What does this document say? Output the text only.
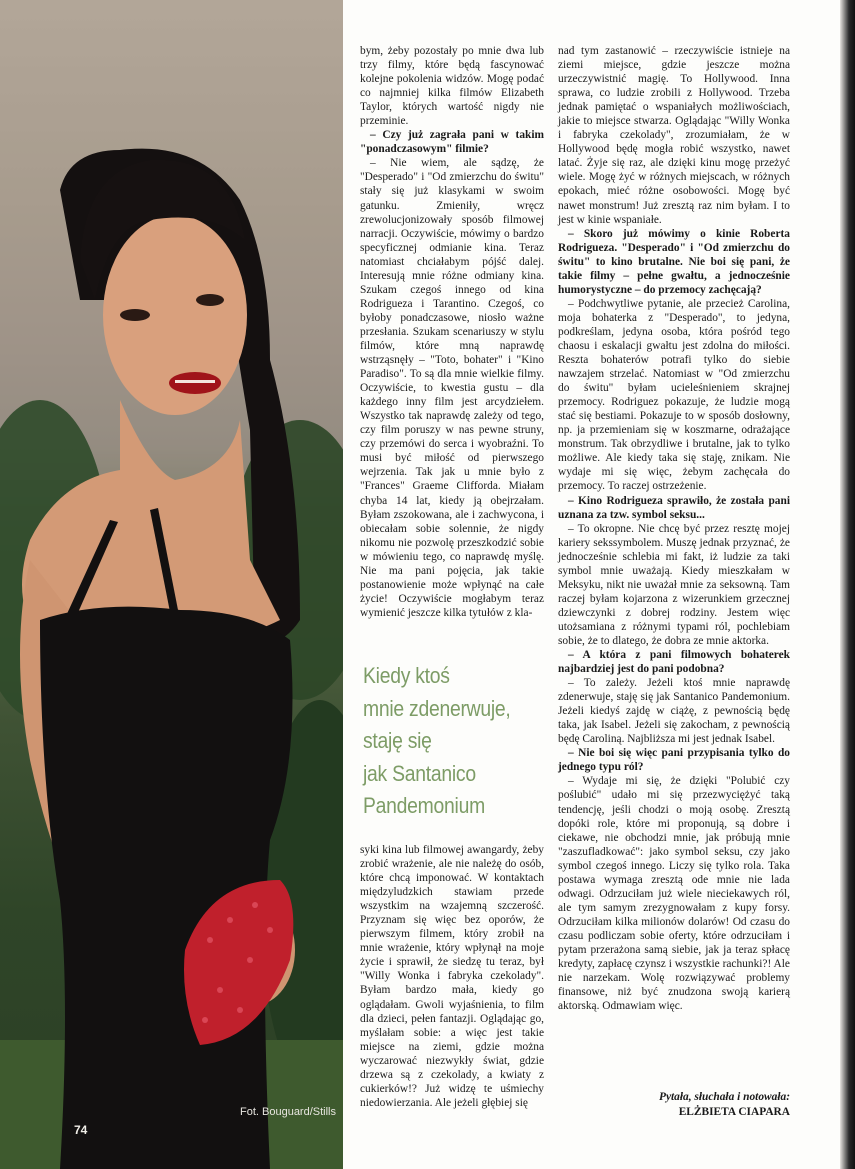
Fot. Bouguard/Stills
74

bym, żeby pozostały po mnie dwa lub trzy filmy, które będą fascynować kolejne pokolenia widzów. Mogę podać co najmniej kilka filmów Elizabeth Taylor, których wartość nigdy nie przeminie.

– Czy już zagrała pani w takim "ponadczasowym" filmie?

– Nie wiem, ale sądzę, że "Desperado" i "Od zmierzchu do świtu" stały się już klasykami w swoim gatunku. Zmieniły, wręcz zrewolucjonizowały sposób filmowej narracji. Oczywiście, mówimy o bardzo specyficznej odmianie kina. Teraz natomiast chciałabym pójść dalej. Interesują mnie różne odmiany kina. Szukam czegoś innego od kina Rodrigueza i Tarantino. Czegoś, co byłoby ponadczasowe, niosło ważne przesłania. Szukam scenariuszy w stylu filmów, które mną naprawdę wstrząsnęły – "Toto, bohater" i "Kino Paradiso". To są dla mnie wielkie filmy. Oczywiście, to kwestia gustu – dla każdego inny film jest arcydziełem. Wszystko tak naprawdę zależy od tego, czy film poruszy w nas pewne struny, czy przemówi do serca i wyobraźni. To musi być miłość od pierwszego wejrzenia. Tak jak u mnie było z "Frances" Graeme Clifforda. Miałam chyba 14 lat, kiedy ją obejrzałam. Byłam zszokowana, ale i zachwycona, i obiecałam sobie solennie, że nigdy nikomu nie pozwolę przeszkodzić sobie w mówieniu tego, co naprawdę myślę. Nie ma pani pojęcia, jak takie postanowienie może wpłynąć na całe życie! Oczywiście mogłabym teraz wymienić jeszcze kilka tytułów z kla-

Kiedy ktoś
mnie zdenerwuje,
staję się
jak Santanico
Pandemonium

syki kina lub filmowej awangardy, żeby zrobić wrażenie, ale nie należę do osób, które chcą imponować. W kontaktach międzyludzkich stawiam przede wszystkim na wzajemną szczerość. Przyznam się więc bez oporów, że pierwszym filmem, który zrobił na mnie wrażenie, który wpłynął na moje życie i sprawił, że siedzę tu teraz, był "Willy Wonka i fabryka czekolady". Byłam bardzo mała, kiedy go oglądałam. Gwoli wyjaśnienia, to film dla dzieci, pełen fantazji. Oglądając go, myślałam sobie: a więc jest takie miejsce na ziemi, gdzie można wyczarować niezwykły świat, gdzie drzewa są z czekolady, a kwiaty z cukierków!? Już widzę te uśmiechy niedowierzania. Ale jeżeli głębiej się

nad tym zastanowić – rzeczywiście istnieje na ziemi miejsce, gdzie jeszcze można urzeczywistnić magię. To Hollywood. Inna sprawa, co ludzie zrobili z Hollywood. Trzeba jednak pamiętać o wspaniałych możliwościach, jakie to miejsce stwarza. Oglądając "Willy Wonka i fabryka czekolady", zrozumiałam, że w Hollywood będę mogła robić wszystko, nawet latać. Żyje się raz, ale dzięki kinu mogę przeżyć wiele. Mogę żyć w różnych miejscach, w różnych epokach, mieć różne osobowości. Mogę być nawet monstrum! Już zresztą raz nim byłam. I to jest w kinie wspaniałe.

– Skoro już mówimy o kinie Roberta Rodrigueza. "Desperado" i "Od zmierzchu do świtu" to kino brutalne. Nie boi się pani, że takie filmy – pełne gwałtu, a jednocześnie humorystyczne – do przemocy zachęcają?

– Podchwytliwe pytanie, ale przecież Carolina, moja bohaterka z "Desperado", to jedyna, podkreślam, jedyna osoba, która pośród tego chaosu i eskalacji gwałtu jest zdolna do miłości. Reszta bohaterów potrafi tylko do siebie nawzajem strzelać. Natomiast w "Od zmierzchu do świtu" byłam ucieleśnieniem skrajnej przemocy. Rodriguez pokazuje, że ludzie mogą stać się bestiami. Pokazuje to w sposób dosłowny, np. ja przemieniam się w koszmarne, odrażające monstrum. Tak obrzydliwe i brutalne, jak to tylko możliwe. Ale kiedy taka się staję, znikam. Nie wydaje mi się więc, żebym zachęcała do przemocy. To raczej ostrzeżenie.

– Kino Rodrigueza sprawiło, że została pani uznana za tzw. symbol seksu...

– To okropne. Nie chcę być przez resztę mojej kariery sekssymbolem. Muszę jednak przyznać, że jednocześnie schlebia mi fakt, iż ludzie za taki symbol mnie uważają. Kiedy mieszkałam w Meksyku, nikt nie uważał mnie za seksowną. Tam raczej byłam kojarzona z wizerunkiem grzecznej dziewczynki z dobrej rodziny. Jestem więc utożsamiana z różnymi typami ról, pochlebiam sobie, że to dlatego, że dobra ze mnie aktorka.

– A która z pani filmowych bohaterek najbardziej jest do pani podobna?

– To zależy. Jeżeli ktoś mnie naprawdę zdenerwuje, staję się jak Santanico Pandemonium. Jeżeli kiedyś zajdę w ciążę, z pewnością będę taka, jak Isabel. Jeżeli się zakocham, z pewnością będę Caroliną. Najbliższa mi jest jednak Isabel.

– Nie boi się więc pani przypisania tylko do jednego typu ról?

– Wydaje mi się, że dzięki "Polubić czy poślubić" udało mi się przezwyciężyć taką tendencję, jeśli chodzi o moją osobę. Zresztą dopóki role, które mi proponują, są dobre i ciekawe, nie obchodzi mnie, jak próbują mnie "zaszufladkować": jako symbol seksu, czy jako symbol czegoś innego. Liczy się tylko rola. Taka postawa wymaga zresztą ode mnie nie lada odwagi. Odrzuciłam już wiele nieciekawych ról, ale tym samym zrezygnowałam z kupy forsy. Odrzuciłam kilka milionów dolarów! Od czasu do czasu podliczam sobie oferty, które odrzuciłam i pytam przerażona samą siebie, jak ja teraz spłacę kredyty, zapłacę czynsz i wszystkie rachunki?! Ale nie narzekam. Wolę rozwiązywać problemy finansowe, niż być znudzona swoją karierą aktorską. Odmawiam więc.

Pytała, słuchała i notowała:
ELŻBIETA CIAPARA
